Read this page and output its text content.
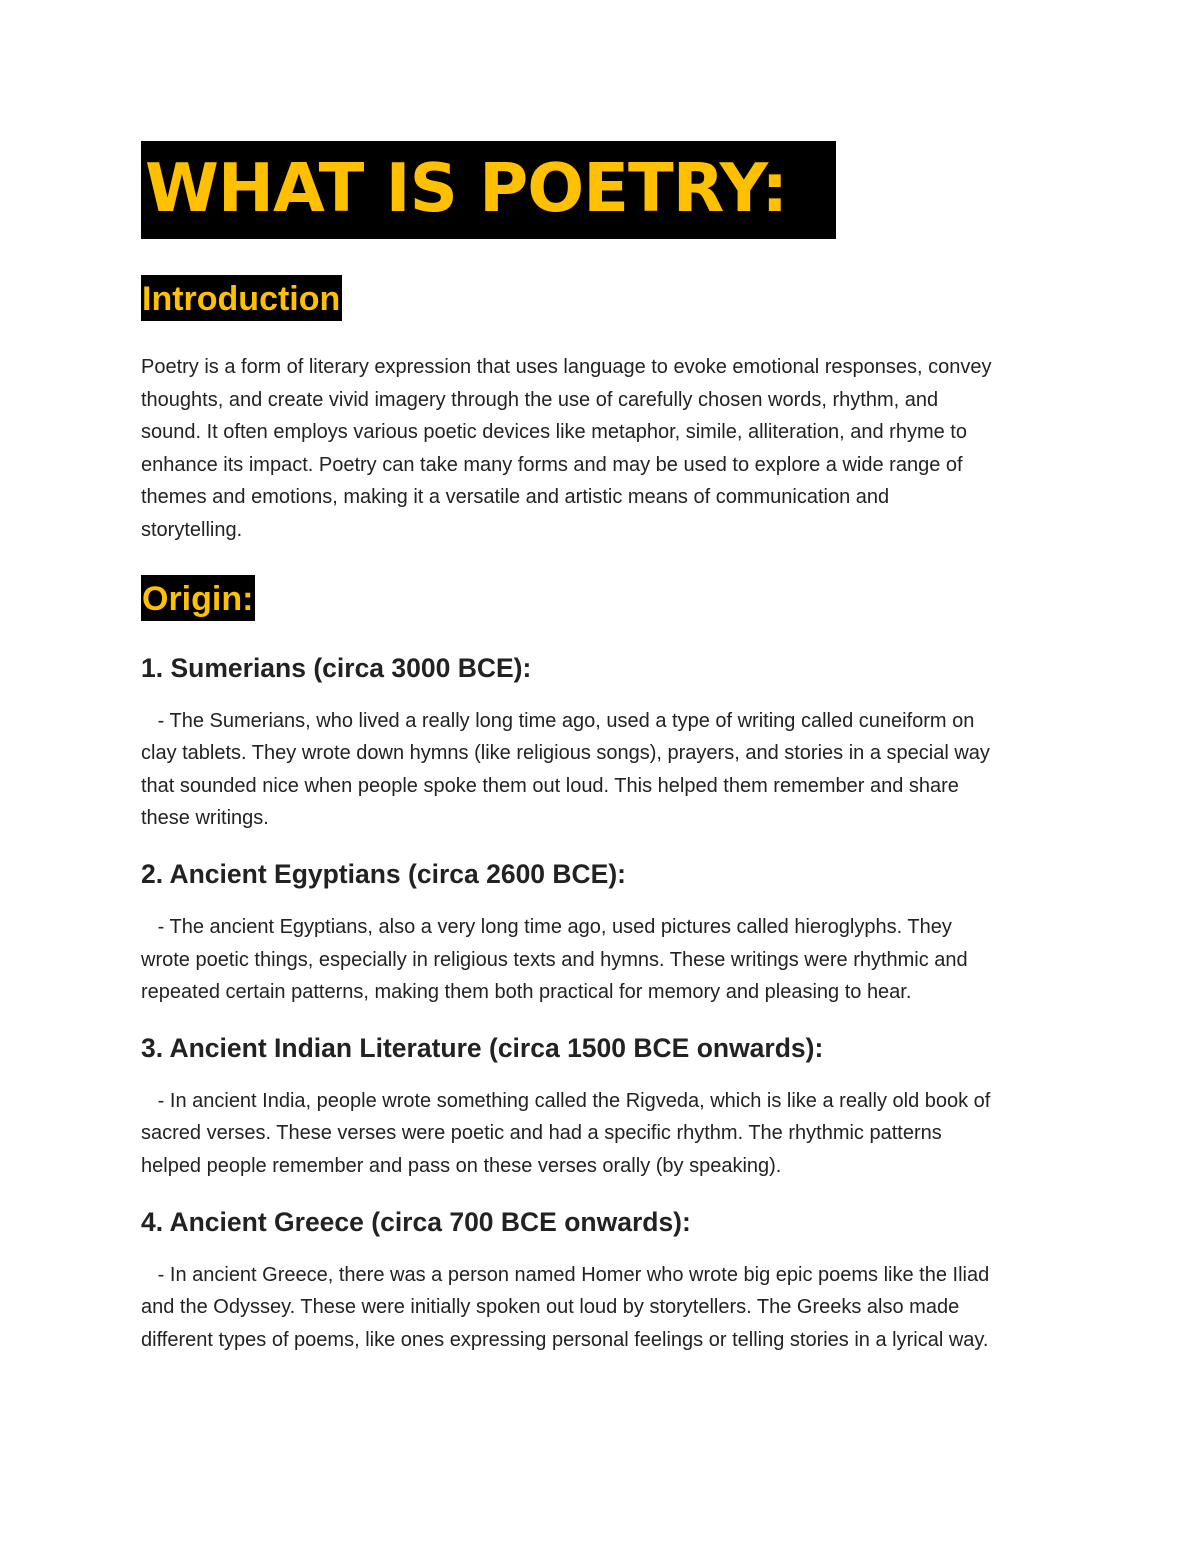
WHAT IS POETRY:
Introduction

Poetry is a form of literary expression that uses language to evoke emotional responses, convey
thoughts, and create vivid imagery through the use of carefully chosen words, rhythm, and
sound. It often employs various poetic devices like metaphor, simile, alliteration, and rhyme to
enhance its impact. Poetry can take many forms and may be used to explore a wide range of
themes and emotions, making it a versatile and artistic means of communication and
storytelling.

Origin:
1. Sumerians (circa 3000 BCE):

- The Sumerians, who lived a really long time ago, used a type of writing called cuneiform on
clay tablets. They wrote down hymns (like religious songs), prayers, and stories in a special way
that sounded nice when people spoke them out loud. This helped them remember and share
these writings.

2. Ancient Egyptians (circa 2600 BCE):

- The ancient Egyptians, also a very long time ago, used pictures called hieroglyphs. They
wrote poetic things, especially in religious texts and hymns. These writings were rhythmic and
repeated certain patterns, making them both practical for memory and pleasing to hear.

3. Ancient Indian Literature (circa 1500 BCE onwards):

- In ancient India, people wrote something called the Rigveda, which is like a really old book of
sacred verses. These verses were poetic and had a specific rhythm. The rhythmic patterns
helped people remember and pass on these verses orally (by speaking).

4. Ancient Greece (circa 700 BCE onwards):

- In ancient Greece, there was a person named Homer who wrote big epic poems like the Iliad
and the Odyssey. These were initially spoken out loud by storytellers. The Greeks also made
different types of poems, like ones expressing personal feelings or telling stories in a lyrical way.
